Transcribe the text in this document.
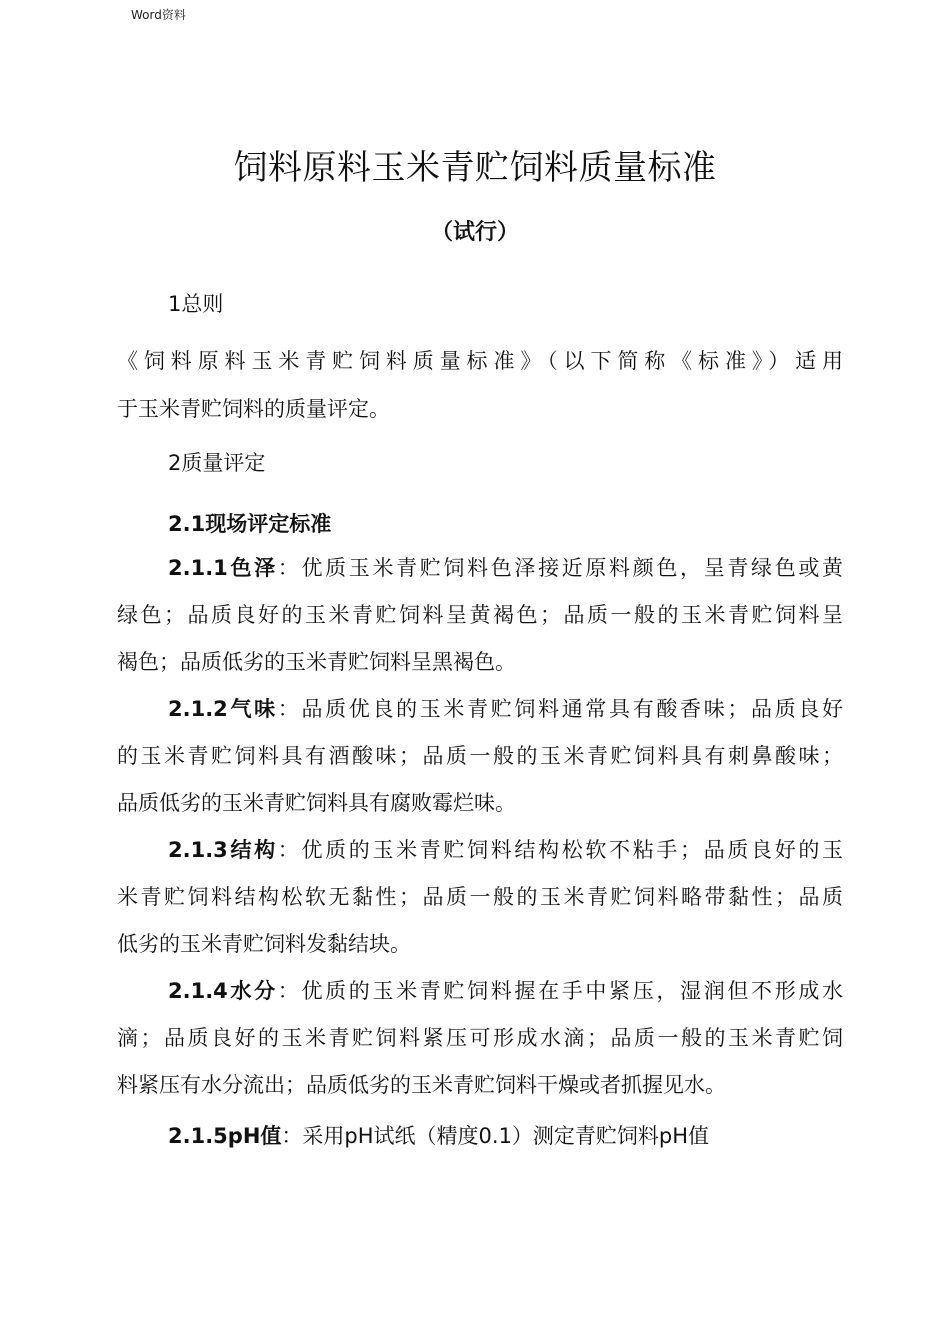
Word资料
饲料原料玉米青贮饲料质量标准
（试行）
1总则
《饲料原料玉米青贮饲料质量标准》（以下简称《标准》）适用
于玉米青贮饲料的质量评定。
2质量评定
2.1现场评定标准
2.1.1色泽：优质玉米青贮饲料色泽接近原料颜色，呈青绿色或黄
绿色；品质良好的玉米青贮饲料呈黄褐色；品质一般的玉米青贮饲料呈
褐色；品质低劣的玉米青贮饲料呈黑褐色。
2.1.2气味：品质优良的玉米青贮饲料通常具有酸香味；品质良好
的玉米青贮饲料具有酒酸味；品质一般的玉米青贮饲料具有刺鼻酸味；
品质低劣的玉米青贮饲料具有腐败霉烂味。
2.1.3结构：优质的玉米青贮饲料结构松软不粘手；品质良好的玉
米青贮饲料结构松软无黏性；品质一般的玉米青贮饲料略带黏性；品质
低劣的玉米青贮饲料发黏结块。
2.1.4水分：优质的玉米青贮饲料握在手中紧压，湿润但不形成水
滴；品质良好的玉米青贮饲料紧压可形成水滴；品质一般的玉米青贮饲
料紧压有水分流出；品质低劣的玉米青贮饲料干燥或者抓握见水。
2.1.5pH值：采用pH试纸（精度0.1）测定青贮饲料pH值
